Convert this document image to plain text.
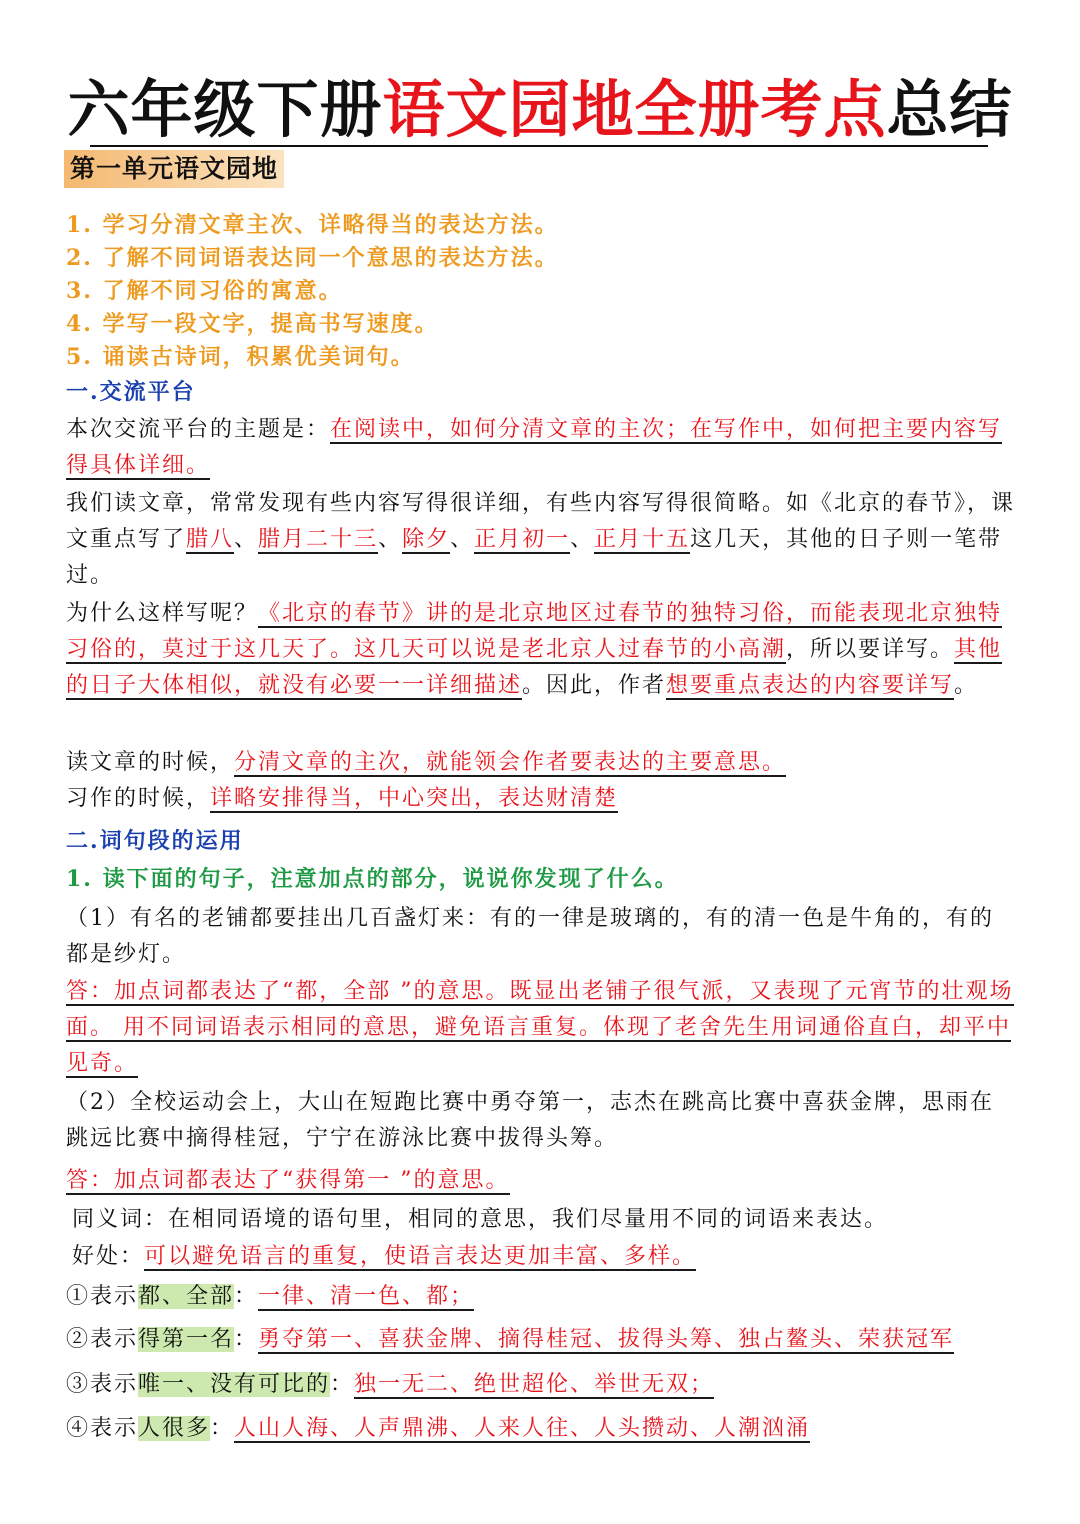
六年级下册语文园地全册考点总结
第一单元语文园地
1. 学习分清文章主次、详略得当的表达方法。
2. 了解不同词语表达同一个意思的表达方法。
3. 了解不同习俗的寓意。
4. 学写一段文字，提高书写速度。
5. 诵读古诗词，积累优美词句。
一.交流平台
本次交流平台的主题是：在阅读中，如何分清文章的主次；在写作中，如何把主要内容写得具体详细。
我们读文章，常常发现有些内容写得很详细，有些内容写得很简略。如《北京的春节》，课文重点写了腊八、腊月二十三、除夕、正月初一、正月十五这几天，其他的日子则一笔带过。
为什么这样写呢？《北京的春节》讲的是北京地区过春节的独特习俗，而能表现北京独特习俗的，莫过于这几天了。这几天可以说是老北京人过春节的小高潮，所以要详写。其他的日子大体相似，就没有必要一一详细描述。因此，作者想要重点表达的内容要详写。
读文章的时候，分清文章的主次，就能领会作者要表达的主要意思。
习作的时候，详略安排得当，中心突出，表达财清楚
二.词句段的运用
1. 读下面的句子，注意加点的部分，说说你发现了什么。
（1）有名的老铺都要挂出几百盏灯来：有的一律是玻璃的，有的清一色是牛角的，有的都是纱灯。
答：加点词都表达了“都，全部 ”的意思。既显出老铺子很气派，又表现了元宵节的壮观场面。 用不同词语表示相同的意思，避免语言重复。体现了老舍先生用词通俗直白，却平中见奇。
（2）全校运动会上，大山在短跑比赛中勇夺第一，志杰在跳高比赛中喜获金牌，思雨在跳远比赛中摘得桂冠，宁宁在游泳比赛中拔得头筹。
答：加点词都表达了“获得第一 ”的意思。
同义词：在相同语境的语句里，相同的意思，我们尽量用不同的词语来表达。
好处：可以避免语言的重复，使语言表达更加丰富、多样。
①表示都、全部：一律、清一色、都；
②表示得第一名：勇夺第一、喜获金牌、摘得桂冠、拔得头筹、独占鳌头、荣获冠军
③表示唯一、没有可比的：独一无二、绝世超伦、举世无双；
④表示人很多：人山人海、人声鼎沸、人来人往、人头攒动、人潮汹涌
